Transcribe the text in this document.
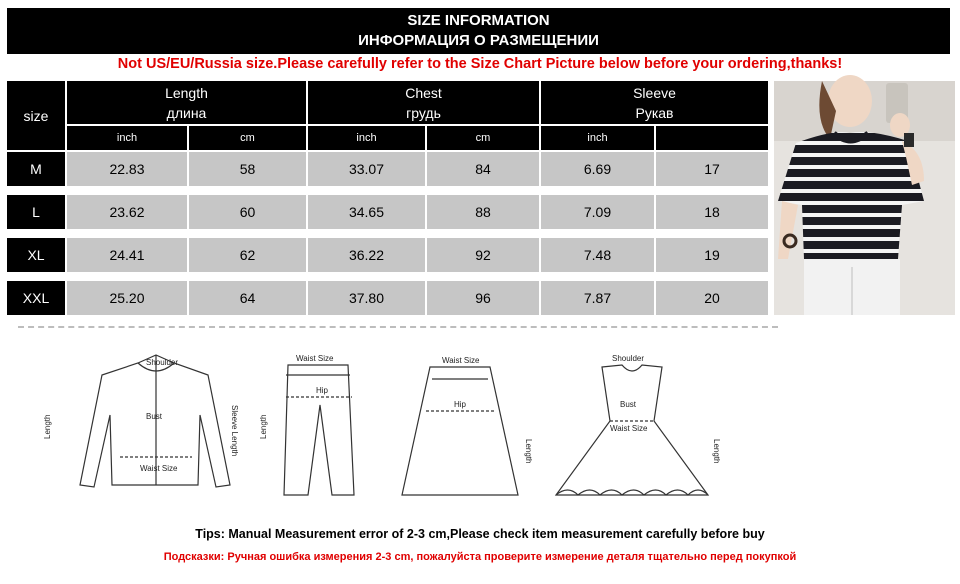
SIZE INFORMATION
ИНФОРМАЦИЯ О РАЗМЕЩЕНИИ
Not US/EU/Russia size.Please carefully refer to the Size Chart Picture below before your ordering,thanks!
size
Length
длина
Chest
грудь
Sleeve
Рукав
inch	cm	inch	cm	inch
M	22.83	58	33.07	84	6.69	17
L	23.62	60	34.65	88	7.09	18
XL	24.41	62	36.22	92	7.48	19
XXL	25.20	64	37.80	96	7.87	20
Shoulder
Bust
Waist Size
Length	Sleeve Length
Waist Size
Hip
Length
Waist Size
Hip
Length
Shoulder
Bust
Waist Size
Length
Tips: Manual Measurement error of 2-3 cm,Please check item measurement carefully before buy
Подсказки: Ручная ошибка измерения 2-3 cm, пожалуйста проверите измерение деталя тщательно перед покупкой
